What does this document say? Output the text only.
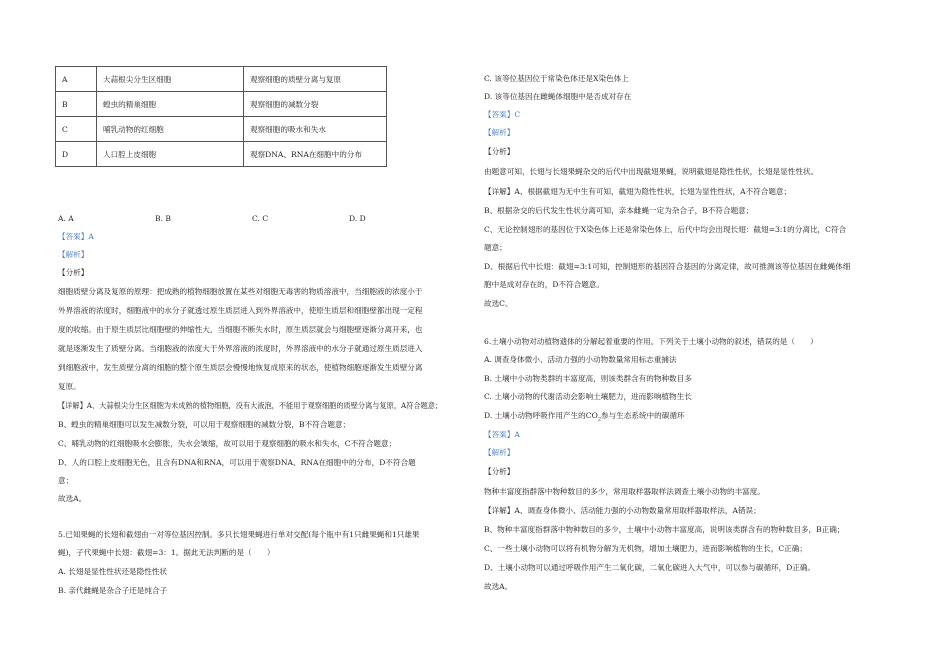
A	大蒜根尖分生区细胞	观察细胞的质壁分离与复原
B	蝗虫的精巢细胞	观察细胞的减数分裂
C	哺乳动物的红细胞	观察细胞的吸水和失水
D	人口腔上皮细胞	观察DNA、RNA在细胞中的分布
A. A	B. B	C. C	D. D
【答案】A
【解析】
【分析】
细胞质壁分离及复原的原理：把成熟的植物细胞放置在某些对细胞无毒害的物质溶液中，当细胞液的浓度小于
外界溶液的浓度时，细胞液中的水分子就透过原生质层进入到外界溶液中，使原生质层和细胞壁都出现一定程
度的收缩。由于原生质层比细胞壁的伸缩性大，当细胞不断失水时，原生质层就会与细胞壁逐渐分离开来，也
就是逐渐发生了质壁分离。当细胞液的浓度大于外界溶液的浓度时，外界溶液中的水分子就通过原生质层进入
到细胞液中，发生质壁分离的细胞的整个原生质层会慢慢地恢复成原来的状态，使植物细胞逐渐发生质壁分离
复原。
【详解】A、大蒜根尖分生区细胞为未成熟的植物细胞，没有大液泡，不能用于观察细胞的质壁分离与复原，A符合题意；
B、蝗虫的精巢细胞可以发生减数分裂，可以用于观察细胞的减数分裂，B不符合题意；
C、哺乳动物的红细胞吸水会膨胀，失水会皱缩，故可以用于观察细胞的吸水和失水，C不符合题意；
D、人的口腔上皮细胞无色，且含有DNA和RNA，可以用于观察DNA、RNA在细胞中的分布，D不符合题
意；
故选A。
5.已知果蝇的长翅和截翅由一对等位基因控制。多只长翅果蝇进行单对交配(每个瓶中有1只雌果蝇和1只雄果
蝇)，子代果蝇中长翅：截翅=3：1。据此无法判断的是（　　）
A. 长翅是显性性状还是隐性性状
B. 亲代雌蝇是杂合子还是纯合子
C. 该等位基因位于常染色体还是X染色体上
D. 该等位基因在雌蝇体细胞中是否成对存在
【答案】C
【解析】
【分析】
由题意可知，长翅与长翅果蝇杂交的后代中出现截翅果蝇，说明截翅是隐性性状，长翅是显性性状。
【详解】A、根据截翅为无中生有可知，截翅为隐性性状，长翅为显性性状，A不符合题意；
B、根据杂交的后代发生性状分离可知，亲本雌蝇一定为杂合子，B不符合题意；
C、无论控制翅形的基因位于X染色体上还是常染色体上，后代中均会出现长翅：截翅=3:1的分离比，C符合
题意；
D、根据后代中长翅：截翅=3:1可知，控制翅形的基因符合基因的分离定律，故可推测该等位基因在雌蝇体细
胞中是成对存在的，D不符合题意。
故选C。
6.土壤小动物对动植物遗体的分解起着重要的作用。下列关于土壤小动物的叙述，错误的是（　　）
A. 调查身体微小、活动力强的小动物数量常用标志重捕法
B. 土壤中小动物类群的丰富度高，则该类群含有的物种数目多
C. 土壤小动物的代谢活动会影响土壤肥力，进而影响植物生长
D. 土壤小动物呼吸作用产生的$CO_2$参与生态系统中的碳循环
【答案】A
【解析】
【分析】
物种丰富度指群落中物种数目的多少，常用取样器取样法调查土壤小动物的丰富度。
【详解】A、调查身体微小、活动能力强的小动物数量常用取样器取样法，A错误；
B、物种丰富度指群落中物种数目的多少，土壤中小动物丰富度高，说明该类群含有的物种数目多，B正确；
C、一些土壤小动物可以将有机物分解为无机物，增加土壤肥力，进而影响植物的生长，C正确；
D、土壤小动物可以通过呼吸作用产生二氧化碳，二氧化碳进入大气中，可以参与碳循环，D正确。
故选A。
